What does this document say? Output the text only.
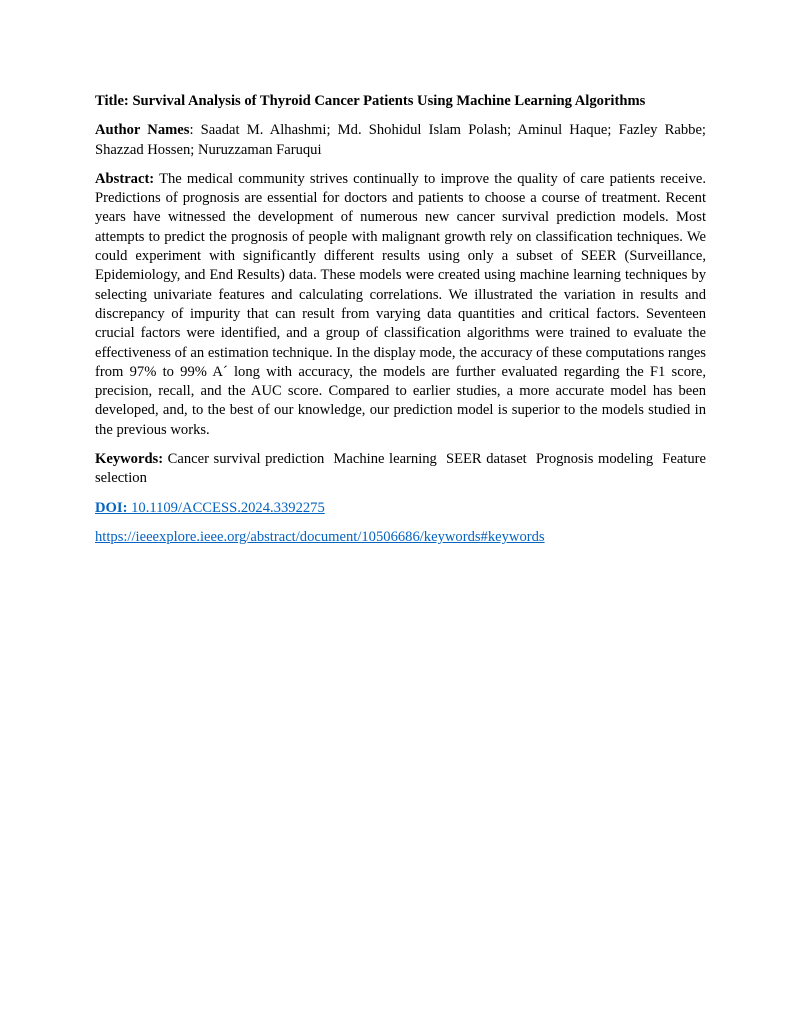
Title: Survival Analysis of Thyroid Cancer Patients Using Machine Learning Algorithms

Author Names: Saadat M. Alhashmi; Md. Shohidul Islam Polash; Aminul Haque; Fazley Rabbe; Shazzad Hossen; Nuruzzaman Faruqui

Abstract: The medical community strives continually to improve the quality of care patients receive. Predictions of prognosis are essential for doctors and patients to choose a course of treatment. Recent years have witnessed the development of numerous new cancer survival prediction models. Most attempts to predict the prognosis of people with malignant growth rely on classification techniques. We could experiment with significantly different results using only a subset of SEER (Surveillance, Epidemiology, and End Results) data. These models were created using machine learning techniques by selecting univariate features and calculating correlations. We illustrated the variation in results and discrepancy of impurity that can result from varying data quantities and critical factors. Seventeen crucial factors were identified, and a group of classification algorithms were trained to evaluate the effectiveness of an estimation technique. In the display mode, the accuracy of these computations ranges from 97% to 99% A´ long with accuracy, the models are further evaluated regarding the F1 score, precision, recall, and the AUC score. Compared to earlier studies, a more accurate model has been developed, and, to the best of our knowledge, our prediction model is superior to the models studied in the previous works.

Keywords: Cancer survival prediction  Machine learning  SEER dataset  Prognosis modeling  Feature selection

DOI: 10.1109/ACCESS.2024.3392275

https://ieeexplore.ieee.org/abstract/document/10506686/keywords#keywords
